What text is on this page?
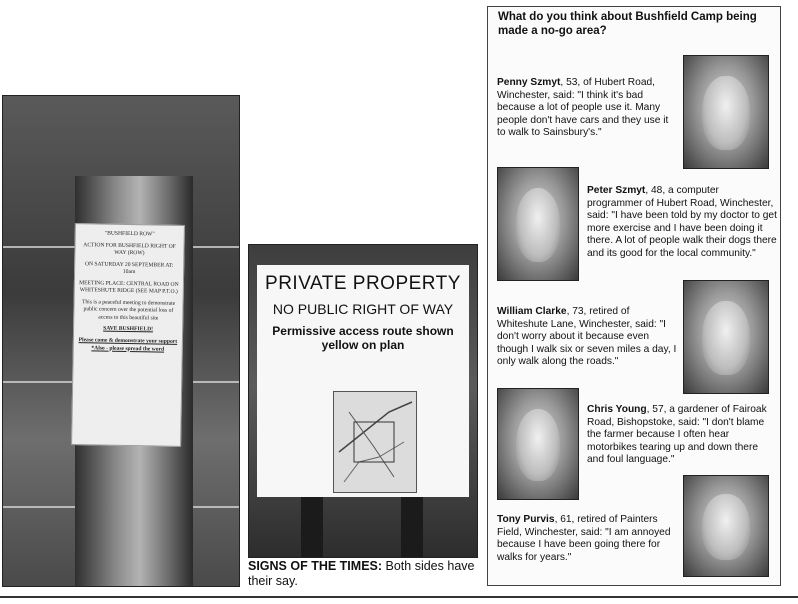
"BUSHFIELD ROW"
ACTION FOR BUSHFIELD RIGHT OF WAY (ROW)
ON SATURDAY 20 SEPTEMBER AT: 10am
MEETING PLACE: CENTRAL ROAD ON WHITESHUTE RIDGE (SEE MAP P.T.O.)
This is a peaceful meeting to demonstrate public concern over the potential loss of access to this beautiful site
SAVE BUSHFIELD!
Please come & demonstrate your support *Also - please spread the word
PRIVATE PROPERTY
NO PUBLIC RIGHT OF WAY
Permissive access route shown yellow on plan
SIGNS OF THE TIMES: Both sides have their say.
What do you think about Bushfield Camp being made a no-go area?
Penny Szmyt, 53, of Hubert Road, Winchester, said: "I think it's bad because a lot of people use it. Many people don't have cars and they use it to walk to Sainsbury's."
Peter Szmyt, 48, a computer programmer of Hubert Road, Winchester, said: "I have been told by my doctor to get more exercise and I have been doing it there. A lot of people walk their dogs there and its good for the local community."
William Clarke, 73, retired of Whiteshute Lane, Winchester, said: "I don't worry about it because even though I walk six or seven miles a day, I only walk along the roads."
Chris Young, 57, a gardener of Fairoak Road, Bishopstoke, said: "I don't blame the farmer because I often hear motorbikes tearing up and down there and foul language."
Tony Purvis, 61, retired of Painters Field, Winchester, said: "I am annoyed because I have been going there for walks for years."
